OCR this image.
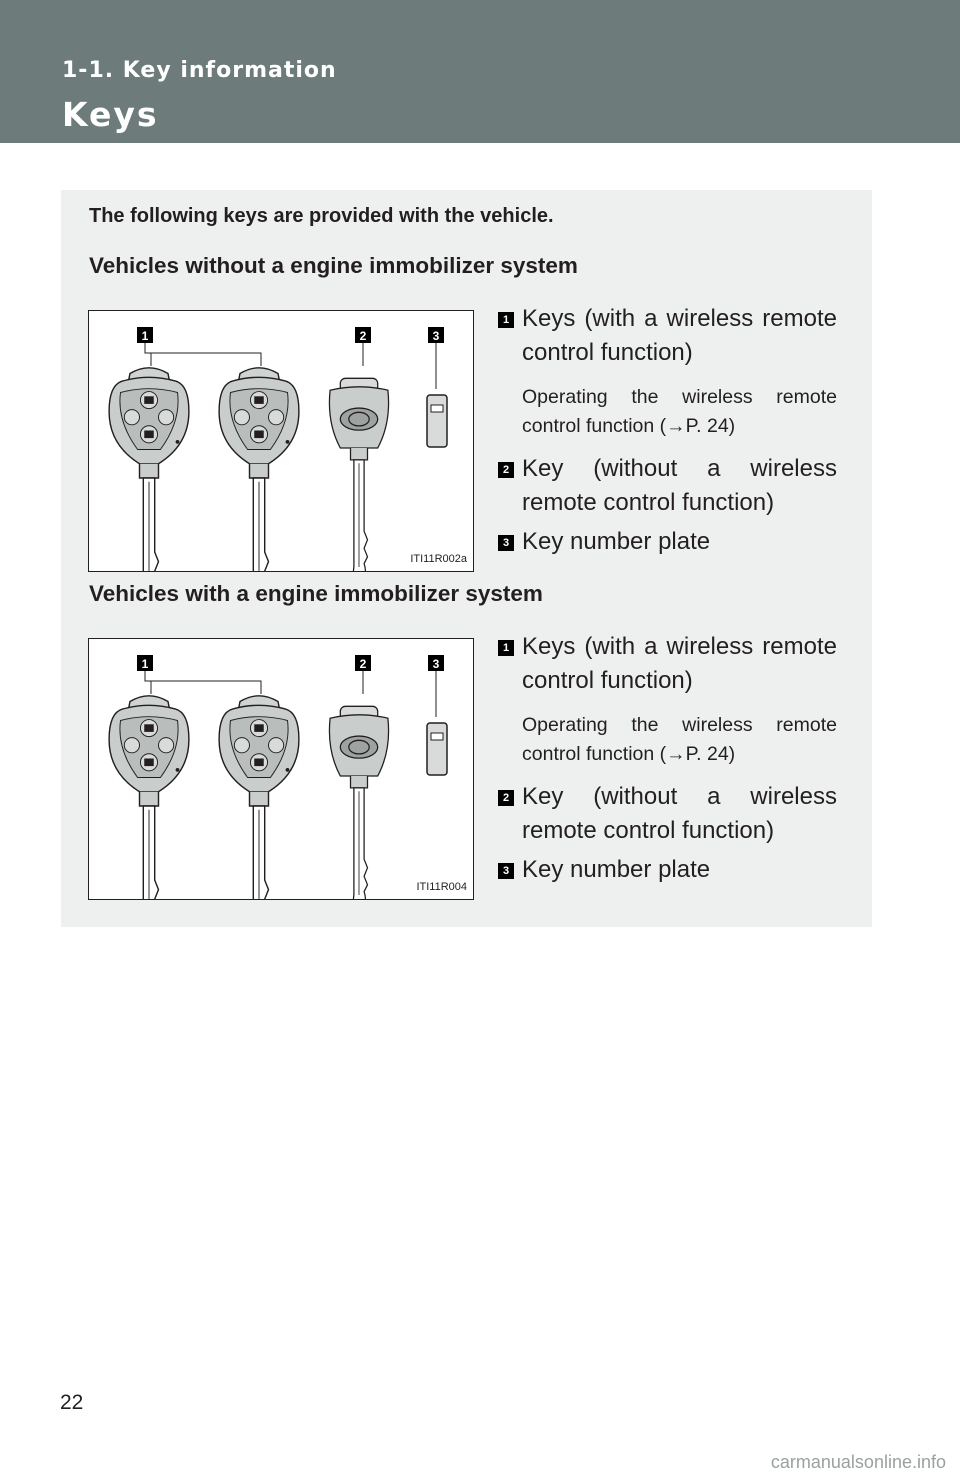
1-1. Key information
Keys
The following keys are provided with the vehicle.
Vehicles without a engine immobilizer system
1	2	3
ITI11R002a
1 Keys (with a wireless remote control function)
Operating the wireless remote control function (→P. 24)
2 Key (without a wireless remote control function)
3 Key number plate
Vehicles with a engine immobilizer system
1	2	3
ITI11R004
1 Keys (with a wireless remote control function)
Operating the wireless remote control function (→P. 24)
2 Key (without a wireless remote control function)
3 Key number plate
22
carmanualsonline.info
